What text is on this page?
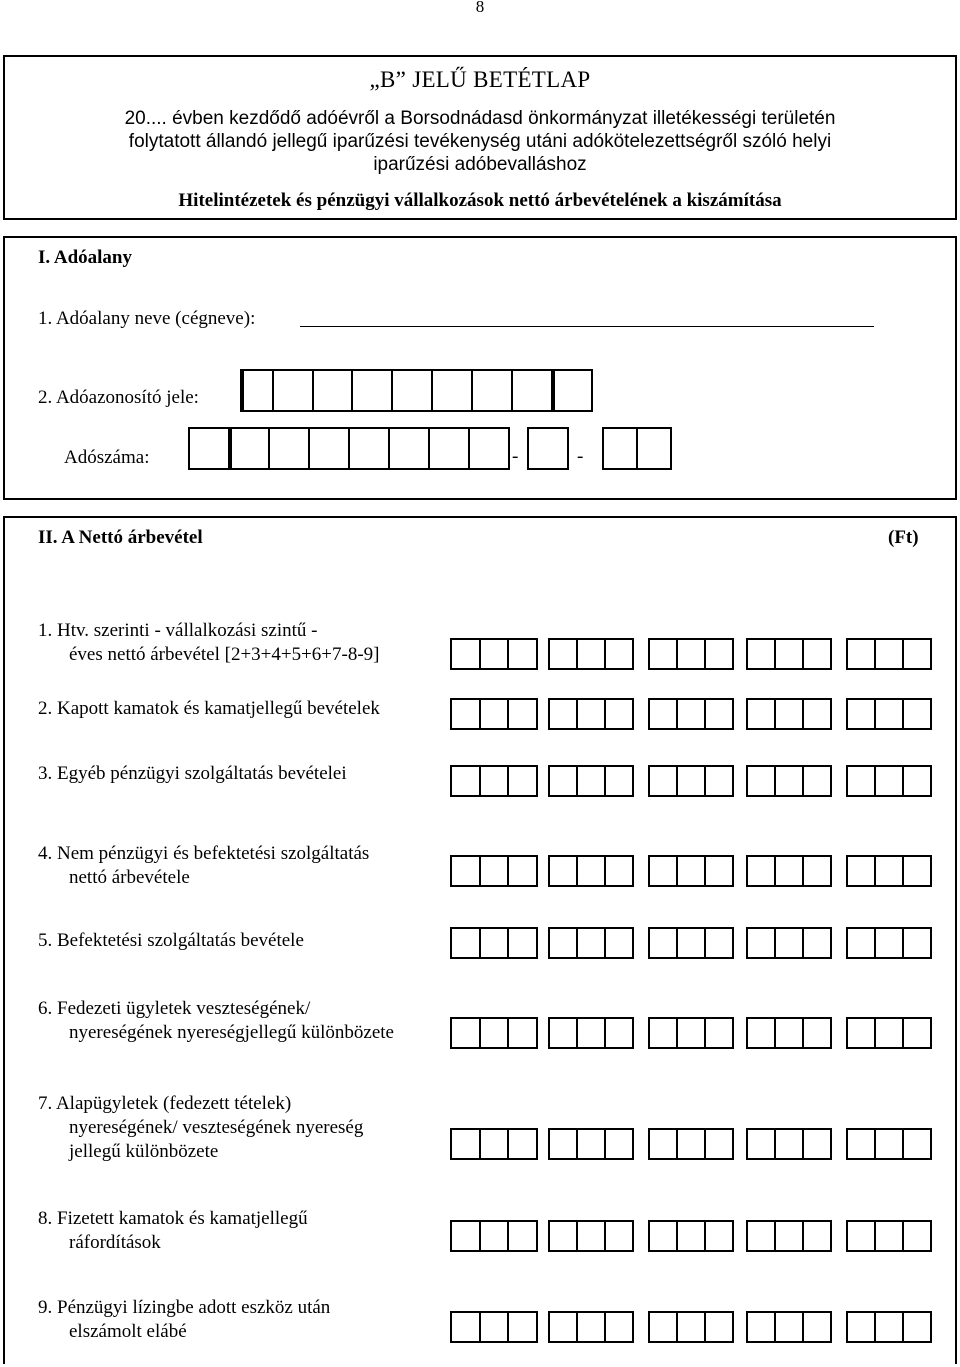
8
„B” JELŰ BETÉTLAP
20.... évben kezdődő adóévről a Borsodnádasd önkormányzat illetékességi területén
folytatott állandó jellegű iparűzési tevékenység utáni adókötelezettségről szóló helyi
iparűzési adóbevalláshoz
Hitelintézetek és pénzügyi vállalkozások nettó árbevételének a kiszámítása
I. Adóalany
1. Adóalany neve (cégneve):
2. Adóazonosító jele:
Adószáma:	-	-
II. A Nettó árbevétel	(Ft)
1. Htv. szerinti - vállalkozási szintű -
éves nettó árbevétel [2+3+4+5+6+7-8-9]
2. Kapott kamatok és kamatjellegű bevételek
3. Egyéb pénzügyi szolgáltatás bevételei
4. Nem pénzügyi és befektetési szolgáltatás
nettó árbevétele
5. Befektetési szolgáltatás bevétele
6. Fedezeti ügyletek veszteségének/
nyereségének nyereségjellegű különbözete
7. Alapügyletek (fedezett tételek)
nyereségének/ veszteségének nyereség
jellegű különbözete
8. Fizetett kamatok és kamatjellegű
ráfordítások
9. Pénzügyi lízingbe adott eszköz után
elszámolt elábé
